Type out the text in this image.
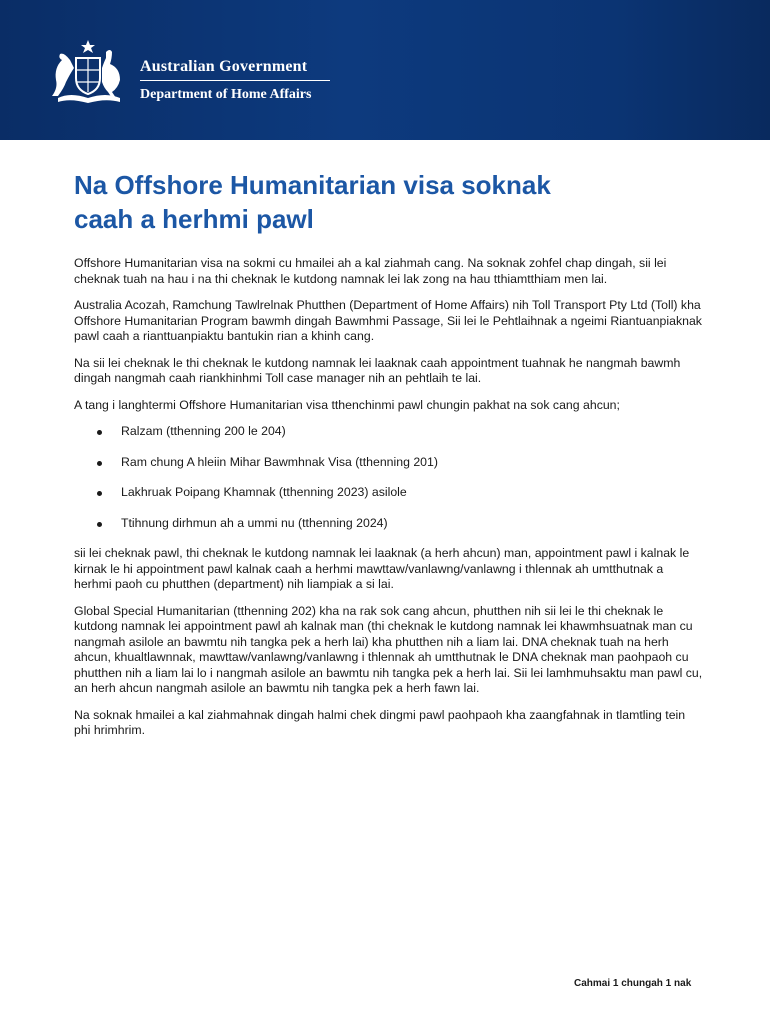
Australian Government
Department of Home Affairs
Na Offshore Humanitarian visa soknak
caah a herhmi pawl

Offshore Humanitarian visa na sokmi cu hmailei ah a kal ziahmah cang. Na soknak zohfel chap dingah, sii lei cheknak tuah na hau i na thi cheknak le kutdong namnak lei lak zong na hau tthiamtthiam men lai.

Australia Acozah, Ramchung Tawlrelnak Phutthen (Department of Home Affairs) nih Toll Transport Pty Ltd (Toll) kha Offshore Humanitarian Program bawmh dingah Bawmhmi Passage, Sii lei le Pehtlaihnak a ngeimi Riantuanpiaknak pawl caah a rianttuanpiaktu bantukin rian a khinh cang.

Na sii lei cheknak le thi cheknak le kutdong namnak lei laaknak caah appointment tuahnak he nangmah bawmh dingah nangmah caah riankhinhmi Toll case manager nih an pehtlaih te lai.

A tang i langhtermi Offshore Humanitarian visa tthenchinmi pawl chungin pakhat na sok cang ahcun;

Ralzam (tthenning 200 le 204)
Ram chung A hleiin Mihar Bawmhnak Visa (tthenning 201)
Lakhruak Poipang Khamnak (tthenning 2023) asilole
Ttihnung dirhmun ah a ummi nu (tthenning 2024)

sii lei cheknak pawl, thi cheknak le kutdong namnak lei laaknak (a herh ahcun) man, appointment pawl i kalnak le kirnak le hi appointment pawl kalnak caah a herhmi mawttaw/vanlawng/vanlawng i thlennak ah umtthutnak a herhmi paoh cu phutthen (department) nih liampiak a si lai.

Global Special Humanitarian (tthenning 202) kha na rak sok cang ahcun, phutthen nih sii lei le thi cheknak le kutdong namnak lei appointment pawl ah kalnak man (thi cheknak le kutdong namnak lei khawmhsuatnak man cu nangmah asilole an bawmtu nih tangka pek a herh lai) kha phutthen nih a liam lai. DNA cheknak tuah na herh ahcun, khualtlawnnak, mawttaw/vanlawng/vanlawng i thlennak ah umtthutnak le DNA cheknak man paohpaoh cu phutthen nih a liam lai lo i nangmah asilole an bawmtu nih tangka pek a herh lai. Sii lei lamhmuhsaktu man pawl cu, an herh ahcun nangmah asilole an bawmtu nih tangka pek a herh fawn lai.

Na soknak hmailei a kal ziahmahnak dingah halmi chek dingmi pawl paohpaoh kha zaangfahnak in tlamtling tein phi hrimhrim.

Cahmai 1 chungah 1 nak
